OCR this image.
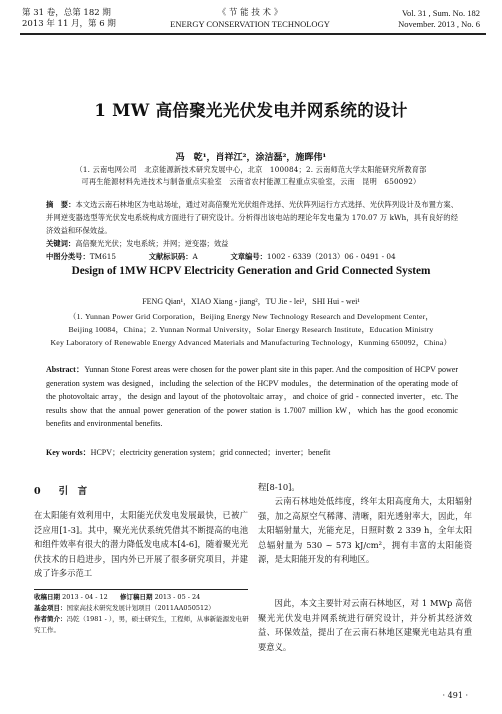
第 31 卷，总第 182 期
2013 年 11 月，第 6 期
《 节 能 技 术 》
ENERGY CONSERVATION TECHNOLOGY
Vol. 31 , Sum. No. 182
November. 2013 , No. 6
1 MW 高倍聚光光伏发电并网系统的设计
冯　乾¹，肖祥江²，涂洁磊²，施晖伟¹
（1. 云南电网公司　北京能源新技术研究发展中心，北京　100084；2. 云南师范大学太阳能研究所教育部
可再生能源材料先进技术与制备重点实验室　云南省农村能源工程重点实验室，云南　昆明　650092）
摘　要：本文选云南石林地区为电站场址，通过对高倍聚光光伏组件选择、光伏阵列运行方式选择、光伏阵列设计及布置方案、并网逆变器选型等光伏发电系统构成方面进行了研究设计。分析得出该电站的理论年发电量为 170.07 万 kWh，具有良好的经济效益和环保效益。
关键词：高倍聚光光伏；发电系统；并网；逆变器；效益
中图分类号：TM615	文献标识码：A	文章编号：1002 - 6339（2013）06 - 0491 - 04
Design of 1MW HCPV Electricity Generation and Grid Connected System
FENG Qian¹，XIAO Xiang - jiang²，TU Jie - lei²，SHI Hui - wei¹
（1. Yunnan Power Grid Corporation，Beijing Energy New Technology Research and Development Center，
Beijing 10084，China；2. Yunnan Normal University，Solar Energy Research Institute，Education Ministry
Key Laboratory of Renewable Energy Advanced Materials and Manufacturing Technology，Kunming 650092，China）
Abstract：Yunnan Stone Forest areas were chosen for the power plant site in this paper. And the composition of HCPV power generation system was designed，including the selection of the HCPV modules，the determination of the operating mode of the photovoltaic array，the design and layout of the photovoltaic array，and choice of grid - connected inverter，etc. The results show that the annual power generation of the power station is 1.7007 million kW，which has the good economic benefits and environmental benefits.
Key words：HCPV；electricity generation system；grid connected；inverter；benefit
0 引　言
在太阳能有效利用中，太阳能光伏发电发展最快，已被广泛应用[1-3]。其中，聚光光伏系统凭借其不断提高的电池和组件效率有很大的潜力降低发电成本[4-6]，随着聚光光伏技术的日趋进步，国内外已开展了很多研究项目，并建成了许多示范工
收稿日期 2013 - 04 - 12 修订稿日期 2013 - 05 - 24
基金项目：国家高技术研究发展计划项目（2011AA050512）
作者简介：冯乾（1981 - ），男，硕士研究生，工程师，从事新能源发电研究工作。
程[8-10]。
云南石林地处低纬度，终年太阳高度角大，太阳辐射强，加之高原空气稀薄、清晰，阳光透射率大，因此，年太阳辐射量大，光能充足，日照时数 2 339 h，全年太阳总辐射量为 530 ~ 573 kJ/cm²，拥有丰富的太阳能资源，是太阳能开发的有利地区。
因此，本文主要针对云南石林地区，对 1 MWp 高倍聚光光伏发电并网系统进行研究设计，并分析其经济效益、环保效益，提出了在云南石林地区建聚光电站具有重要意义。
· 491 ·
